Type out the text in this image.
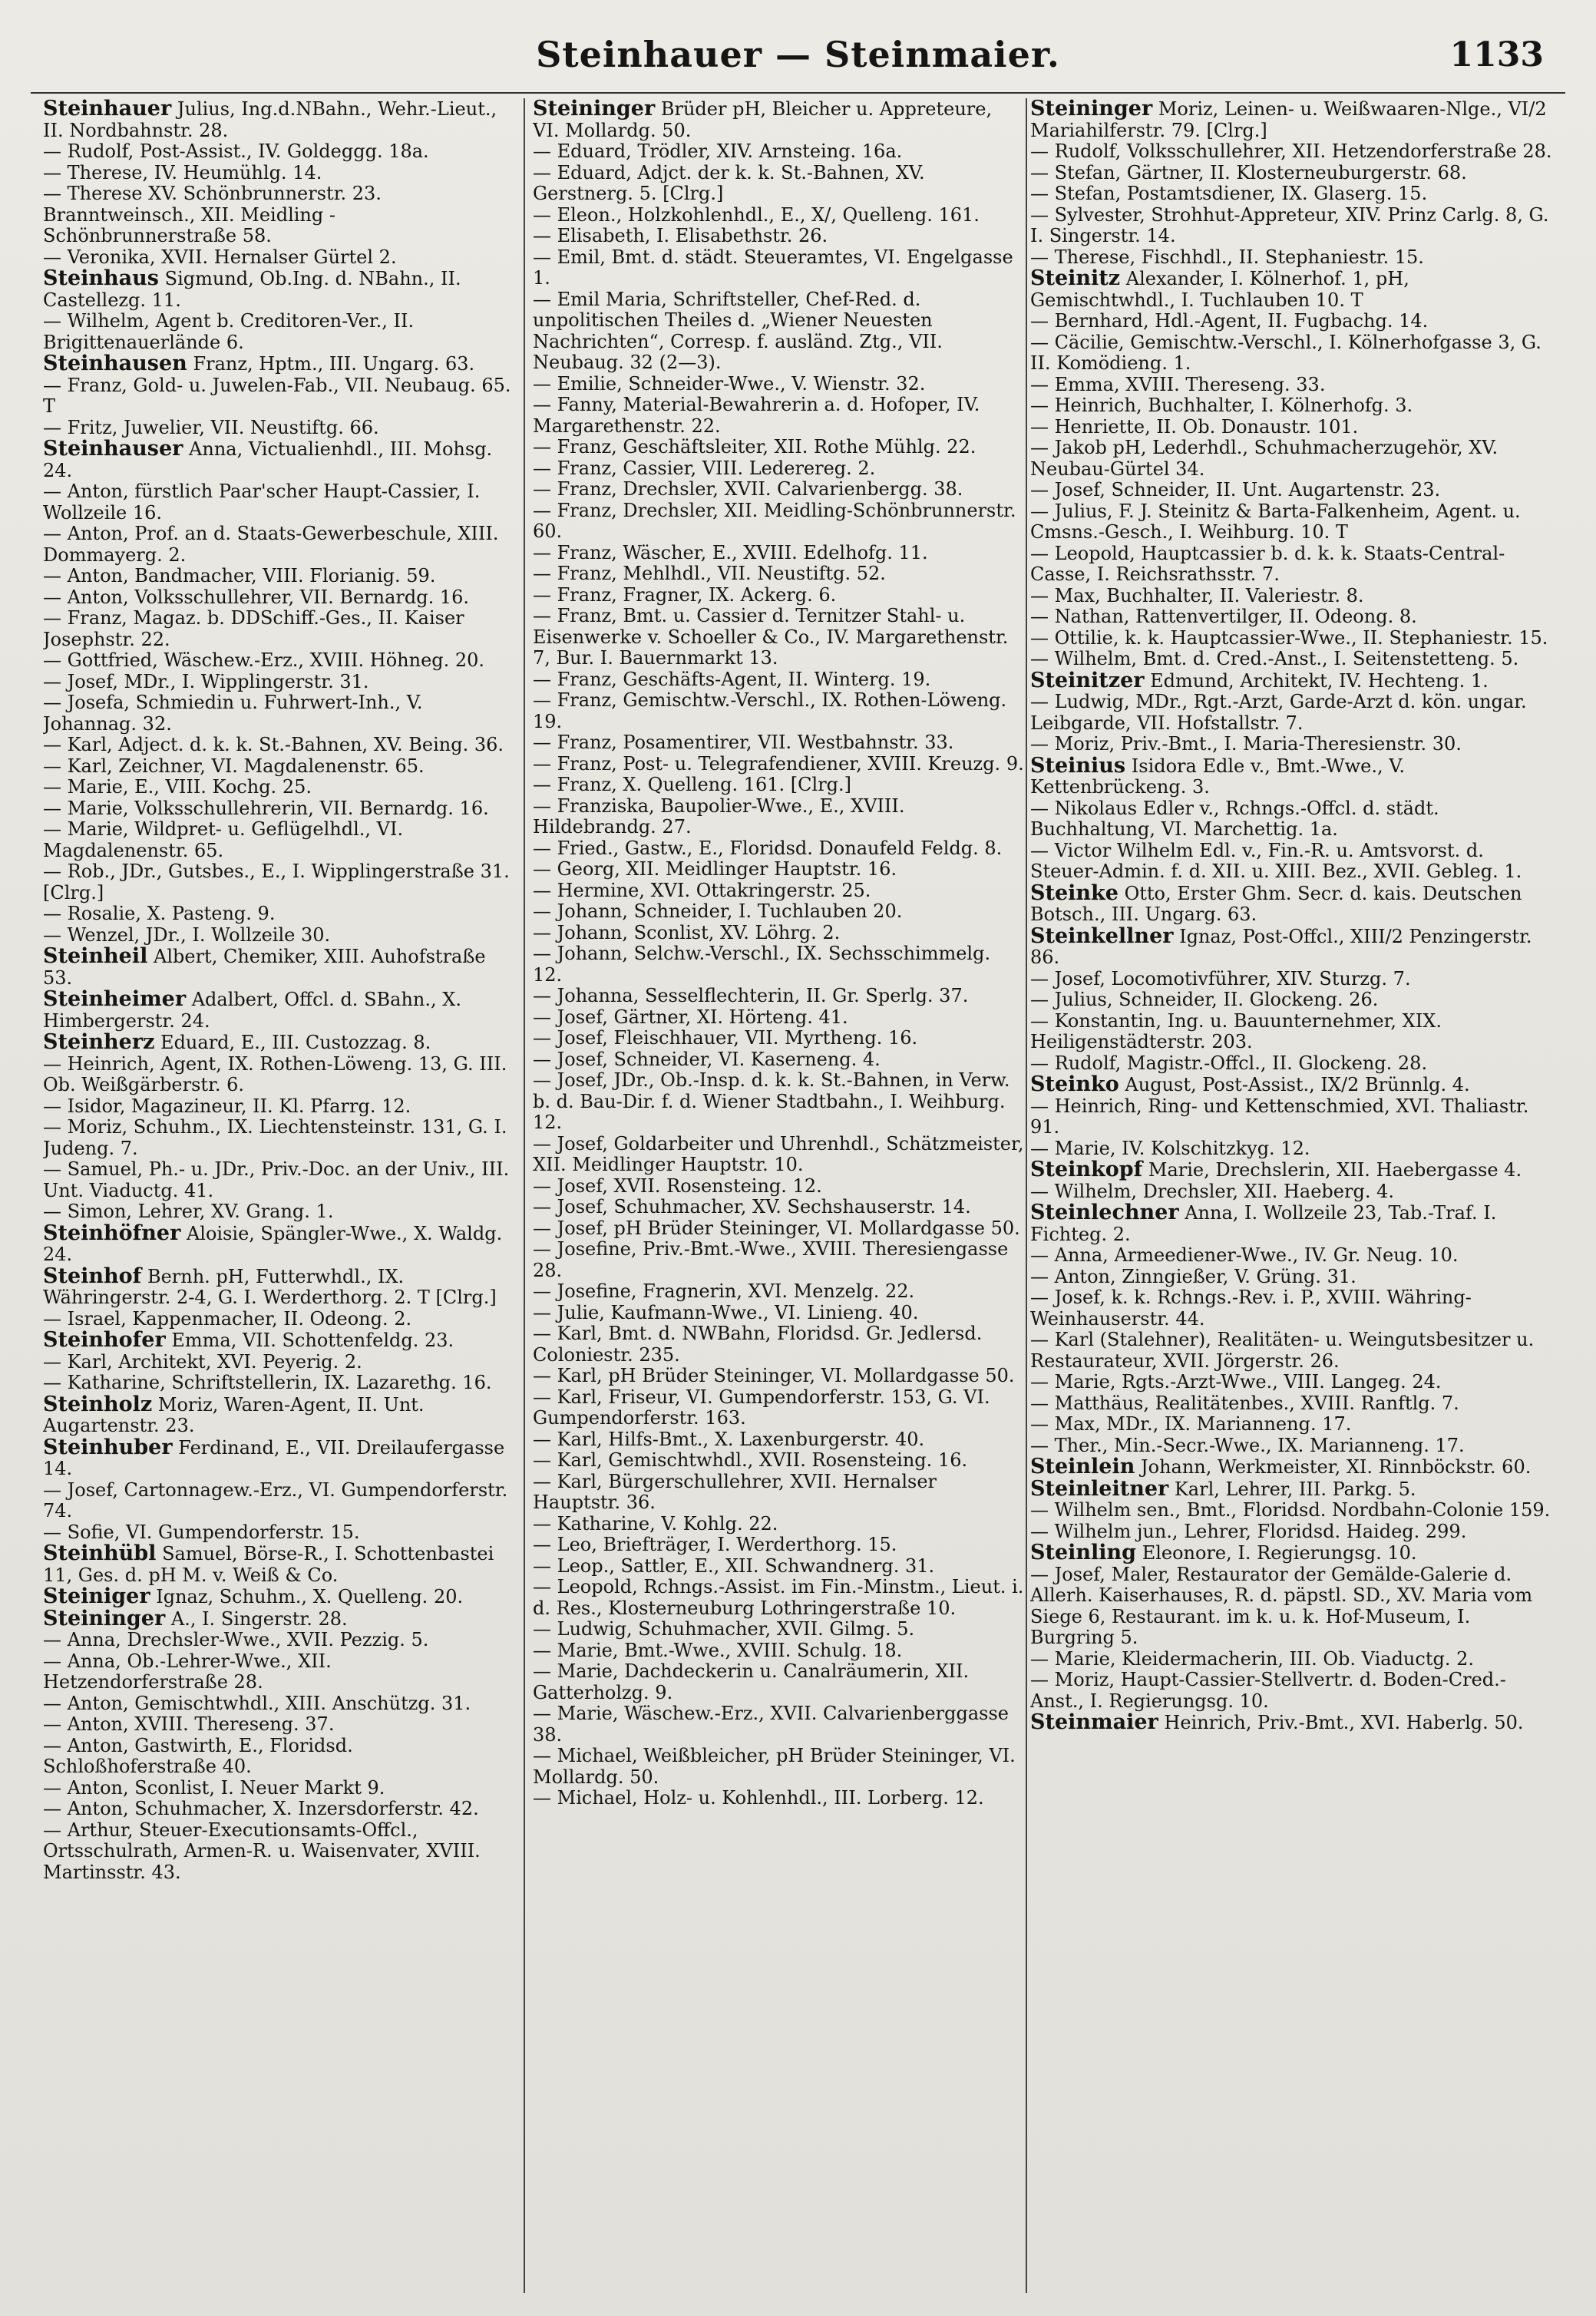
Steinhauer — Steinmaier.	1133
Steinhauer Julius, Ing.d.NBahn., Wehr.-Lieut., II. Nordbahnstr. 28.
— Rudolf, Post-Assist., IV. Goldeggg. 18a.
— Therese, IV. Heumühlg. 14.
— Therese XV. Schönbrunnerstr. 23. Branntweinsch., XII. Meidling - Schönbrunnerstraße 58.
— Veronika, XVII. Hernalser Gürtel 2.
Steinhaus Sigmund, Ob.Ing. d. NBahn., II. Castellezg. 11.
— Wilhelm, Agent b. Creditoren-Ver., II. Brigittenauerlände 6.
Steinhausen Franz, Hptm., III. Ungarg. 63.
— Franz, Gold- u. Juwelen-Fab., VII. Neubaug. 65. T
— Fritz, Juwelier, VII. Neustiftg. 66.
Steinhauser Anna, Victualienhdl., III. Mohsg. 24.
— Anton, fürstlich Paar'scher Haupt-Cassier, I. Wollzeile 16.
— Anton, Prof. an d. Staats-Gewerbeschule, XIII. Dommayerg. 2.
— Anton, Bandmacher, VIII. Florianig. 59.
— Anton, Volksschullehrer, VII. Bernardg. 16.
— Franz, Magaz. b. DDSchiff.-Ges., II. Kaiser Josephstr. 22.
— Gottfried, Wäschew.-Erz., XVIII. Höhneg. 20.
— Josef, MDr., I. Wipplingerstr. 31.
— Josefa, Schmiedin u. Fuhrwert-Inh., V. Johannag. 32.
— Karl, Adject. d. k. k. St.-Bahnen, XV. Being. 36.
— Karl, Zeichner, VI. Magdalenenstr. 65.
— Marie, E., VIII. Kochg. 25.
— Marie, Volksschullehrerin, VII. Bernardg. 16.
— Marie, Wildpret- u. Geflügelhdl., VI. Magdalenenstr. 65.
— Rob., JDr., Gutsbes., E., I. Wipplingerstraße 31. [Clrg.]
— Rosalie, X. Pasteng. 9.
— Wenzel, JDr., I. Wollzeile 30.
Steinheil Albert, Chemiker, XIII. Auhofstraße 53.
Steinheimer Adalbert, Offcl. d. SBahn., X. Himbergerstr. 24.
Steinherz Eduard, E., III. Custozzag. 8.
— Heinrich, Agent, IX. Rothen-Löweng. 13, G. III. Ob. Weißgärberstr. 6.
— Isidor, Magazineur, II. Kl. Pfarrg. 12.
— Moriz, Schuhm., IX. Liechtensteinstr. 131, G. I. Judeng. 7.
— Samuel, Ph.- u. JDr., Priv.-Doc. an der Univ., III. Unt. Viaductg. 41.
— Simon, Lehrer, XV. Grang. 1.
Steinhöfner Aloisie, Spängler-Wwe., X. Waldg. 24.
Steinhof Bernh. pH, Futterwhdl., IX. Währingerstr. 2-4, G. I. Werderthorg. 2. T [Clrg.]
— Israel, Kappenmacher, II. Odeong. 2.
Steinhofer Emma, VII. Schottenfeldg. 23.
— Karl, Architekt, XVI. Peyerig. 2.
— Katharine, Schriftstellerin, IX. Lazarethg. 16.
Steinholz Moriz, Waren-Agent, II. Unt. Augartenstr. 23.
Steinhuber Ferdinand, E., VII. Dreilaufergasse 14.
— Josef, Cartonnagew.-Erz., VI. Gumpendorferstr. 74.
— Sofie, VI. Gumpendorferstr. 15.
Steinhübl Samuel, Börse-R., I. Schottenbastei 11, Ges. d. pH M. v. Weiß & Co.
Steiniger Ignaz, Schuhm., X. Quelleng. 20.
Steininger A., I. Singerstr. 28.
— Anna, Drechsler-Wwe., XVII. Pezzig. 5.
— Anna, Ob.-Lehrer-Wwe., XII. Hetzendorferstraße 28.
— Anton, Gemischtwhdl., XIII. Anschützg. 31.
— Anton, XVIII. Thereseng. 37.
— Anton, Gastwirth, E., Floridsd. Schloßhoferstraße 40.
— Anton, Sconlist, I. Neuer Markt 9.
— Anton, Schuhmacher, X. Inzersdorferstr. 42.
— Arthur, Steuer-Executionsamts-Offcl., Ortsschulrath, Armen-R. u. Waisenvater, XVIII. Martinsstr. 43.
Steininger Brüder pH, Bleicher u. Appreteure, VI. Mollardg. 50.
— Eduard, Trödler, XIV. Arnsteing. 16a.
— Eduard, Adjct. der k. k. St.-Bahnen, XV. Gerstnerg. 5. [Clrg.]
— Eleon., Holzkohlenhdl., E., X/, Quelleng. 161.
— Elisabeth, I. Elisabethstr. 26.
— Emil, Bmt. d. städt. Steueramtes, VI. Engelgasse 1.
— Emil Maria, Schriftsteller, Chef-Red. d. unpolitischen Theiles d. „Wiener Neuesten Nachrichten“, Corresp. f. ausländ. Ztg., VII. Neubaug. 32 (2—3).
— Emilie, Schneider-Wwe., V. Wienstr. 32.
— Fanny, Material-Bewahrerin a. d. Hofoper, IV. Margarethenstr. 22.
— Franz, Geschäftsleiter, XII. Rothe Mühlg. 22.
— Franz, Cassier, VIII. Lederereg. 2.
— Franz, Drechsler, XVII. Calvarienbergg. 38.
— Franz, Drechsler, XII. Meidling-Schönbrunnerstr. 60.
— Franz, Wäscher, E., XVIII. Edelhofg. 11.
— Franz, Mehlhdl., VII. Neustiftg. 52.
— Franz, Fragner, IX. Ackerg. 6.
— Franz, Bmt. u. Cassier d. Ternitzer Stahl- u. Eisenwerke v. Schoeller & Co., IV. Margarethenstr. 7, Bur. I. Bauernmarkt 13.
— Franz, Geschäfts-Agent, II. Winterg. 19.
— Franz, Gemischtw.-Verschl., IX. Rothen-Löweng. 19.
— Franz, Posamentirer, VII. Westbahnstr. 33.
— Franz, Post- u. Telegrafendiener, XVIII. Kreuzg. 9.
— Franz, X. Quelleng. 161. [Clrg.]
— Franziska, Baupolier-Wwe., E., XVIII. Hildebrandg. 27.
— Fried., Gastw., E., Floridsd. Donaufeld Feldg. 8.
— Georg, XII. Meidlinger Hauptstr. 16.
— Hermine, XVI. Ottakringerstr. 25.
— Johann, Schneider, I. Tuchlauben 20.
— Johann, Sconlist, XV. Löhrg. 2.
— Johann, Selchw.-Verschl., IX. Sechsschimmelg. 12.
— Johanna, Sesselflechterin, II. Gr. Sperlg. 37.
— Josef, Gärtner, XI. Hörteng. 41.
— Josef, Fleischhauer, VII. Myrtheng. 16.
— Josef, Schneider, VI. Kaserneng. 4.
— Josef, JDr., Ob.-Insp. d. k. k. St.-Bahnen, in Verw. b. d. Bau-Dir. f. d. Wiener Stadtbahn., I. Weihburg. 12.
— Josef, Goldarbeiter und Uhrenhdl., Schätzmeister, XII. Meidlinger Hauptstr. 10.
— Josef, XVII. Rosensteing. 12.
— Josef, Schuhmacher, XV. Sechshauserstr. 14.
— Josef, pH Brüder Steininger, VI. Mollardgasse 50.
— Josefine, Priv.-Bmt.-Wwe., XVIII. Theresiengasse 28.
— Josefine, Fragnerin, XVI. Menzelg. 22.
— Julie, Kaufmann-Wwe., VI. Linieng. 40.
— Karl, Bmt. d. NWBahn, Floridsd. Gr. Jedlersd. Coloniestr. 235.
— Karl, pH Brüder Steininger, VI. Mollardgasse 50.
— Karl, Friseur, VI. Gumpendorferstr. 153, G. VI. Gumpendorferstr. 163.
— Karl, Hilfs-Bmt., X. Laxenburgerstr. 40.
— Karl, Gemischtwhdl., XVII. Rosensteing. 16.
— Karl, Bürgerschullehrer, XVII. Hernalser Hauptstr. 36.
— Katharine, V. Kohlg. 22.
— Leo, Briefträger, I. Werderthorg. 15.
— Leop., Sattler, E., XII. Schwandnerg. 31.
— Leopold, Rchngs.-Assist. im Fin.-Minstm., Lieut. i. d. Res., Klosterneuburg Lothringerstraße 10.
— Ludwig, Schuhmacher, XVII. Gilmg. 5.
— Marie, Bmt.-Wwe., XVIII. Schulg. 18.
— Marie, Dachdeckerin u. Canalräumerin, XII. Gatterholzg. 9.
— Marie, Wäschew.-Erz., XVII. Calvarienberggasse 38.
— Michael, Weißbleicher, pH Brüder Steininger, VI. Mollardg. 50.
— Michael, Holz- u. Kohlenhdl., III. Lorberg. 12.
Steininger Moriz, Leinen- u. Weißwaaren-Nlge., VI/2 Mariahilferstr. 79. [Clrg.]
— Rudolf, Volksschullehrer, XII. Hetzendorferstraße 28.
— Stefan, Gärtner, II. Klosterneuburgerstr. 68.
— Stefan, Postamtsdiener, IX. Glaserg. 15.
— Sylvester, Strohhut-Appreteur, XIV. Prinz Carlg. 8, G. I. Singerstr. 14.
— Therese, Fischhdl., II. Stephaniestr. 15.
Steinitz Alexander, I. Kölnerhof. 1, pH, Gemischtwhdl., I. Tuchlauben 10. T
— Bernhard, Hdl.-Agent, II. Fugbachg. 14.
— Cäcilie, Gemischtw.-Verschl., I. Kölnerhofgasse 3, G. II. Komödieng. 1.
— Emma, XVIII. Thereseng. 33.
— Heinrich, Buchhalter, I. Kölnerhofg. 3.
— Henriette, II. Ob. Donaustr. 101.
— Jakob pH, Lederhdl., Schuhmacherzugehör, XV. Neubau-Gürtel 34.
— Josef, Schneider, II. Unt. Augartenstr. 23.
— Julius, F. J. Steinitz & Barta-Falkenheim, Agent. u. Cmsns.-Gesch., I. Weihburg. 10. T
— Leopold, Hauptcassier b. d. k. k. Staats-Central-Casse, I. Reichsrathsstr. 7.
— Max, Buchhalter, II. Valeriestr. 8.
— Nathan, Rattenvertilger, II. Odeong. 8.
— Ottilie, k. k. Hauptcassier-Wwe., II. Stephaniestr. 15.
— Wilhelm, Bmt. d. Cred.-Anst., I. Seitenstetteng. 5.
Steinitzer Edmund, Architekt, IV. Hechteng. 1.
— Ludwig, MDr., Rgt.-Arzt, Garde-Arzt d. kön. ungar. Leibgarde, VII. Hofstallstr. 7.
— Moriz, Priv.-Bmt., I. Maria-Theresienstr. 30.
Steinius Isidora Edle v., Bmt.-Wwe., V. Kettenbrückeng. 3.
— Nikolaus Edler v., Rchngs.-Offcl. d. städt. Buchhaltung, VI. Marchettig. 1a.
— Victor Wilhelm Edl. v., Fin.-R. u. Amtsvorst. d. Steuer-Admin. f. d. XII. u. XIII. Bez., XVII. Gebleg. 1.
Steinke Otto, Erster Ghm. Secr. d. kais. Deutschen Botsch., III. Ungarg. 63.
Steinkellner Ignaz, Post-Offcl., XIII/2 Penzingerstr. 86.
— Josef, Locomotivführer, XIV. Sturzg. 7.
— Julius, Schneider, II. Glockeng. 26.
— Konstantin, Ing. u. Bauunternehmer, XIX. Heiligenstädterstr. 203.
— Rudolf, Magistr.-Offcl., II. Glockeng. 28.
Steinko August, Post-Assist., IX/2 Brünnlg. 4.
— Heinrich, Ring- und Kettenschmied, XVI. Thaliastr. 91.
— Marie, IV. Kolschitzkyg. 12.
Steinkopf Marie, Drechslerin, XII. Haebergasse 4.
— Wilhelm, Drechsler, XII. Haeberg. 4.
Steinlechner Anna, I. Wollzeile 23, Tab.-Traf. I. Fichteg. 2.
— Anna, Armeediener-Wwe., IV. Gr. Neug. 10.
— Anton, Zinngießer, V. Grüng. 31.
— Josef, k. k. Rchngs.-Rev. i. P., XVIII. Währing-Weinhauserstr. 44.
— Karl (Stalehner), Realitäten- u. Weingutsbesitzer u. Restaurateur, XVII. Jörgerstr. 26.
— Marie, Rgts.-Arzt-Wwe., VIII. Langeg. 24.
— Matthäus, Realitätenbes., XVIII. Ranftlg. 7.
— Max, MDr., IX. Marianneng. 17.
— Ther., Min.-Secr.-Wwe., IX. Marianneng. 17.
Steinlein Johann, Werkmeister, XI. Rinnböckstr. 60.
Steinleitner Karl, Lehrer, III. Parkg. 5.
— Wilhelm sen., Bmt., Floridsd. Nordbahn-Colonie 159.
— Wilhelm jun., Lehrer, Floridsd. Haideg. 299.
Steinling Eleonore, I. Regierungsg. 10.
— Josef, Maler, Restaurator der Gemälde-Galerie d. Allerh. Kaiserhauses, R. d. päpstl. SD., XV. Maria vom Siege 6, Restaurant. im k. u. k. Hof-Museum, I. Burgring 5.
— Marie, Kleidermacherin, III. Ob. Viaductg. 2.
— Moriz, Haupt-Cassier-Stellvertr. d. Boden-Cred.-Anst., I. Regierungsg. 10.
Steinmaier Heinrich, Priv.-Bmt., XVI. Haberlg. 50.
